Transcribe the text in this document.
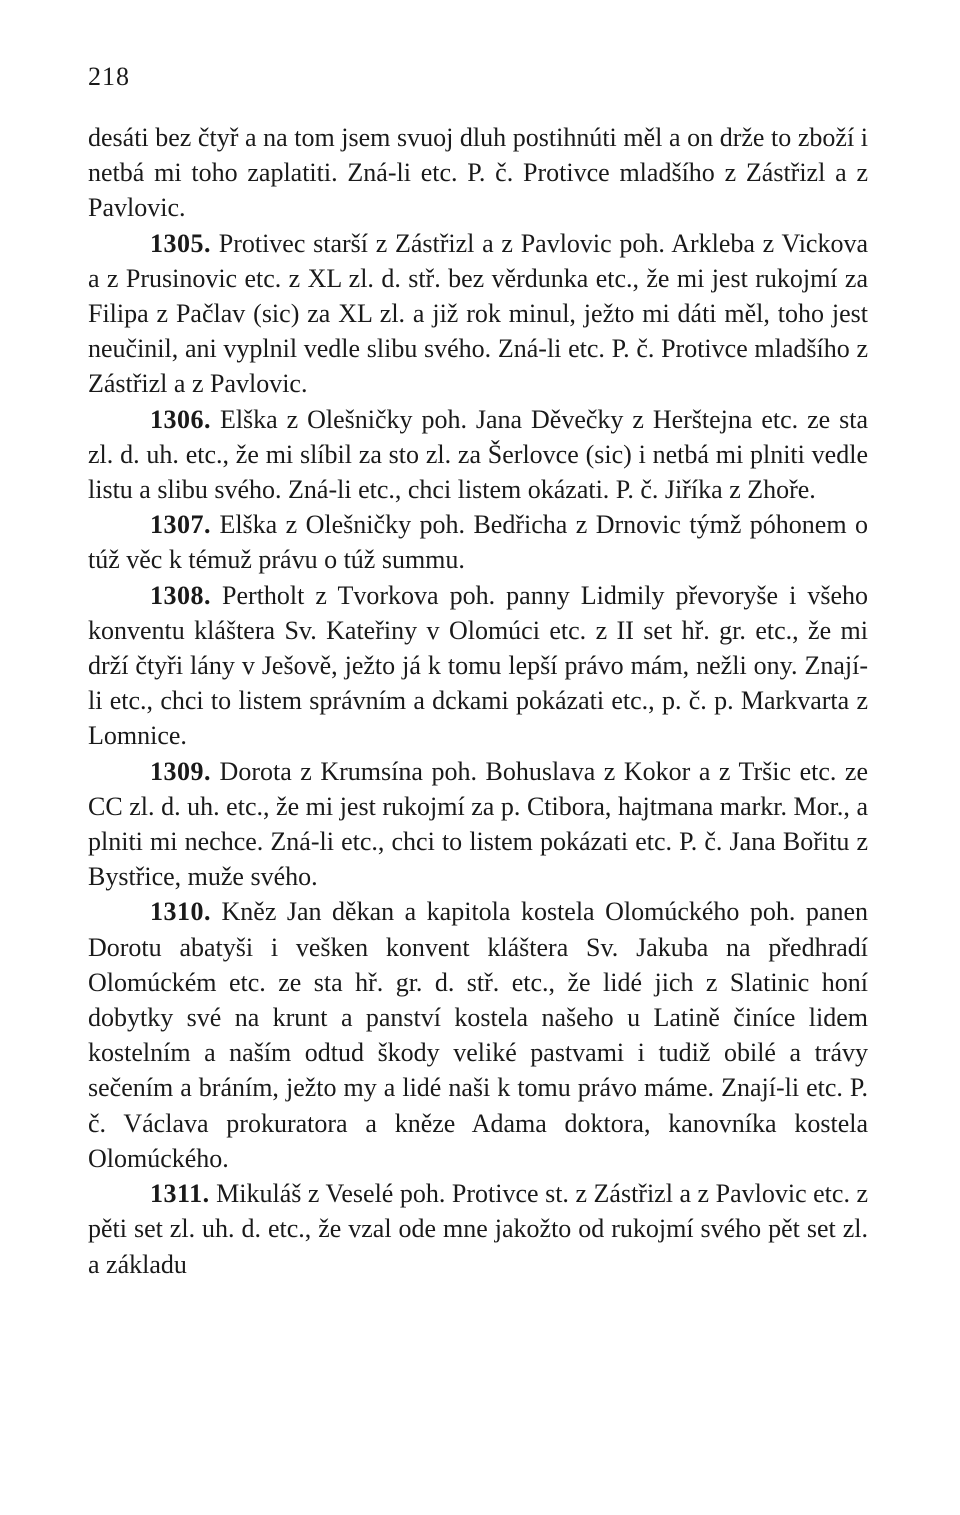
218

desáti bez čtyř a na tom jsem svuoj dluh postihnúti měl a on drže to zboží i netbá mi toho zaplatiti. Zná-li etc. P. č. Protivce mladšího z Zástřizl a z Pavlovic.

1305. Protivec starší z Zástřizl a z Pavlovic poh. Arkleba z Vickova a z Prusinovic etc. z XL zl. d. stř. bez věrdunka etc., že mi jest rukojmí za Filipa z Pačlav (sic) za XL zl. a již rok minul, ježto mi dáti měl, toho jest neučinil, ani vyplnil vedle slibu svého. Zná-li etc. P. č. Protivce mladšího z Zástřizl a z Pavlovic.

1306. Elška z Olešničky poh. Jana Děvečky z Herštejna etc. ze sta zl. d. uh. etc., že mi slíbil za sto zl. za Šerlovce (sic) i netbá mi plniti vedle listu a slibu svého. Zná-li etc., chci listem okázati. P. č. Jiříka z Zhoře.

1307. Elška z Olešničky poh. Bedřicha z Drnovic týmž póhonem o túž věc k témuž právu o túž summu.

1308. Pertholt z Tvorkova poh. panny Lidmily převoryše i všeho konventu kláštera Sv. Kateřiny v Olomúci etc. z II set hř. gr. etc., že mi drží čtyři lány v Ješově, ježto já k tomu lepší právo mám, nežli ony. Znají-li etc., chci to listem správním a dckami pokázati etc., p. č. p. Markvarta z Lomnice.

1309. Dorota z Krumsína poh. Bohuslava z Kokor a z Tršic etc. ze CC zl. d. uh. etc., že mi jest rukojmí za p. Ctibora, hajtmana markr. Mor., a plniti mi nechce. Zná-li etc., chci to listem pokázati etc. P. č. Jana Bořitu z Bystřice, muže svého.

1310. Kněz Jan děkan a kapitola kostela Olomúckého poh. panen Dorotu abatyši i vešken konvent kláštera Sv. Jakuba na předhradí Olomúckém etc. ze sta hř. gr. d. stř. etc., že lidé jich z Slatinic honí dobytky své na krunt a panství kostela našeho u Latině činíce lidem kostelním a naším odtud škody veliké pastvami i tudiž obilé a trávy sečením a bráním, ježto my a lidé naši k tomu právo máme. Znají-li etc. P. č. Václava prokuratora a kněze Adama doktora, kanovníka kostela Olomúckého.

1311. Mikuláš z Veselé poh. Protivce st. z Zástřizl a z Pavlovic etc. z pěti set zl. uh. d. etc., že vzal ode mne jakožto od rukojmí svého pět set zl. a základu
